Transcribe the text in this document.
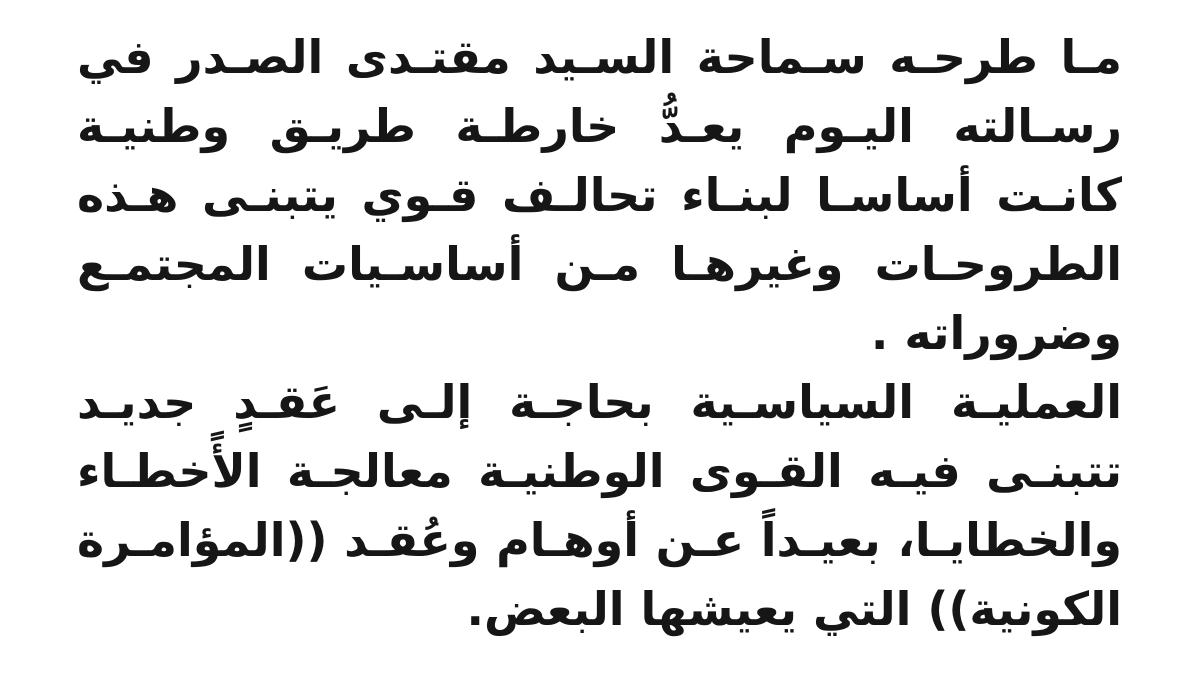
مـا طرحـه سـماحة السـيد مقتـدى الصـدر في
رسـالته اليـوم يعـدُّ خارطـة طريـق وطنيـة
كانـت أساسـا لبنـاء تحالـف قـوي يتبنـى هـذه
الطروحـات وغيرهـا مـن أساسـيات المجتمـع
وضروراته .
العمليـة السياسـية بحاجـة إلـى عَقـدٍ جديـد
تتبنـى فيـه القـوى الوطنيـة معالجـة الأًخطـاء
والخطايـا، بعيـداً عـن أوهـام وعُقـد ((المؤامـرة
الكونية)) التي يعيشها البعض.
